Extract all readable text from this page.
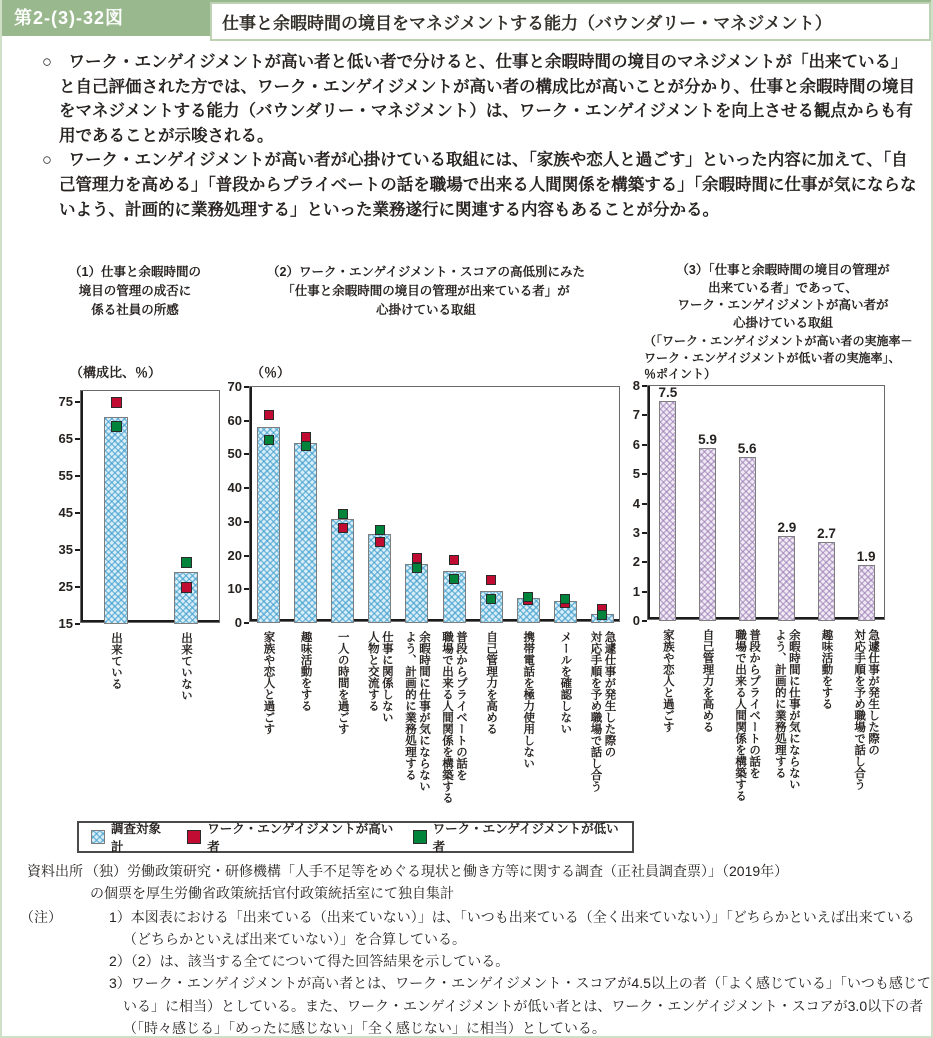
第2-(3)-32図	仕事と余暇時間の境目をマネジメントする能力（バウンダリー・マネジメント）

○　ワーク・エンゲイジメントが高い者と低い者で分けると、仕事と余暇時間の境目のマネジメントが「出来ている」と自己評価された方では、ワーク・エンゲイジメントが高い者の構成比が高いことが分かり、仕事と余暇時間の境目をマネジメントする能力（バウンダリー・マネジメント）は、ワーク・エンゲイジメントを向上させる観点からも有用であることが示唆される。

○　ワーク・エンゲイジメントが高い者が心掛けている取組には、「家族や恋人と過ごす」といった内容に加えて、「自己管理力を高める」「普段からプライベートの話を職場で出来る人間関係を構築する」「余暇時間に仕事が気にならないよう、計画的に業務処理する」といった業務遂行に関連する内容もあることが分かる。

（1）仕事と余暇時間の
境目の管理の成否に
係る社員の所感
（2）ワーク・エンゲイジメント・スコアの高低別にみた
「仕事と余暇時間の境目の管理が出来ている者」が
心掛けている取組
（3）「仕事と余暇時間の境目の管理が
出来ている者」であって、
ワーク・エンゲイジメントが高い者が
心掛けている取組
（「ワーク・エンゲイジメントが高い者の実施率－
ワーク・エンゲイジメントが低い者の実施率」、
％ポイント）
（構成比、％）	（％）
15
25
35
45
55
65
75
出来ている	出来ていない
0
10
20
30
40
50
60
70
家族や恋人と過ごす 趣味活動をする 一人の時間を過ごす	仕事に関係しない
人物と交流する	余暇時間に仕事が気にならない
よう、計画的に業務処理する	普段からプライベートの話を
職場で出来る人間関係を構築する	自己管理力を高める 携帯電話を極力使用しない メールを確認しない	急遽仕事が発生した際の
対応手順を予め職場で話し合う
0
1
2
3
4
5
6
7
8	7.5
5.9
5.6
2.9	2.7
1.9
家族や恋人と過ごす 自己管理力を高める	普段からプライベートの話を
職場で出来る人間関係を構築する	余暇時間に仕事が気にならない
よう、計画的に業務処理する	趣味活動をする	急遽仕事が発生した際の
対応手順を予め職場で話し合う
調査対象計
ワーク・エンゲイジメントが高い者
ワーク・エンゲイジメントが低い者
資料出所 （独）労働政策研究・研修機構「人手不足等をめぐる現状と働き方等に関する調査（正社員調査票）」（2019年）
の個票を厚生労働省政策統括官付政策統括室にて独自集計
（注）	1）本図表における「出来ている（出来ていない）」は、「いつも出来ている（全く出来ていない）」「どちらかといえば出来ている（どちらかといえば出来ていない）」を合算している。
2）（2）は、該当する全てについて得た回答結果を示している。
3）ワーク・エンゲイジメントが高い者とは、ワーク・エンゲイジメント・スコアが4.5以上の者（「よく感じている」「いつも感じている」に相当）としている。また、ワーク・エンゲイジメントが低い者とは、ワーク・エンゲイジメント・スコアが3.0以下の者（「時々感じる」「めったに感じない」「全く感じない」に相当）としている。
